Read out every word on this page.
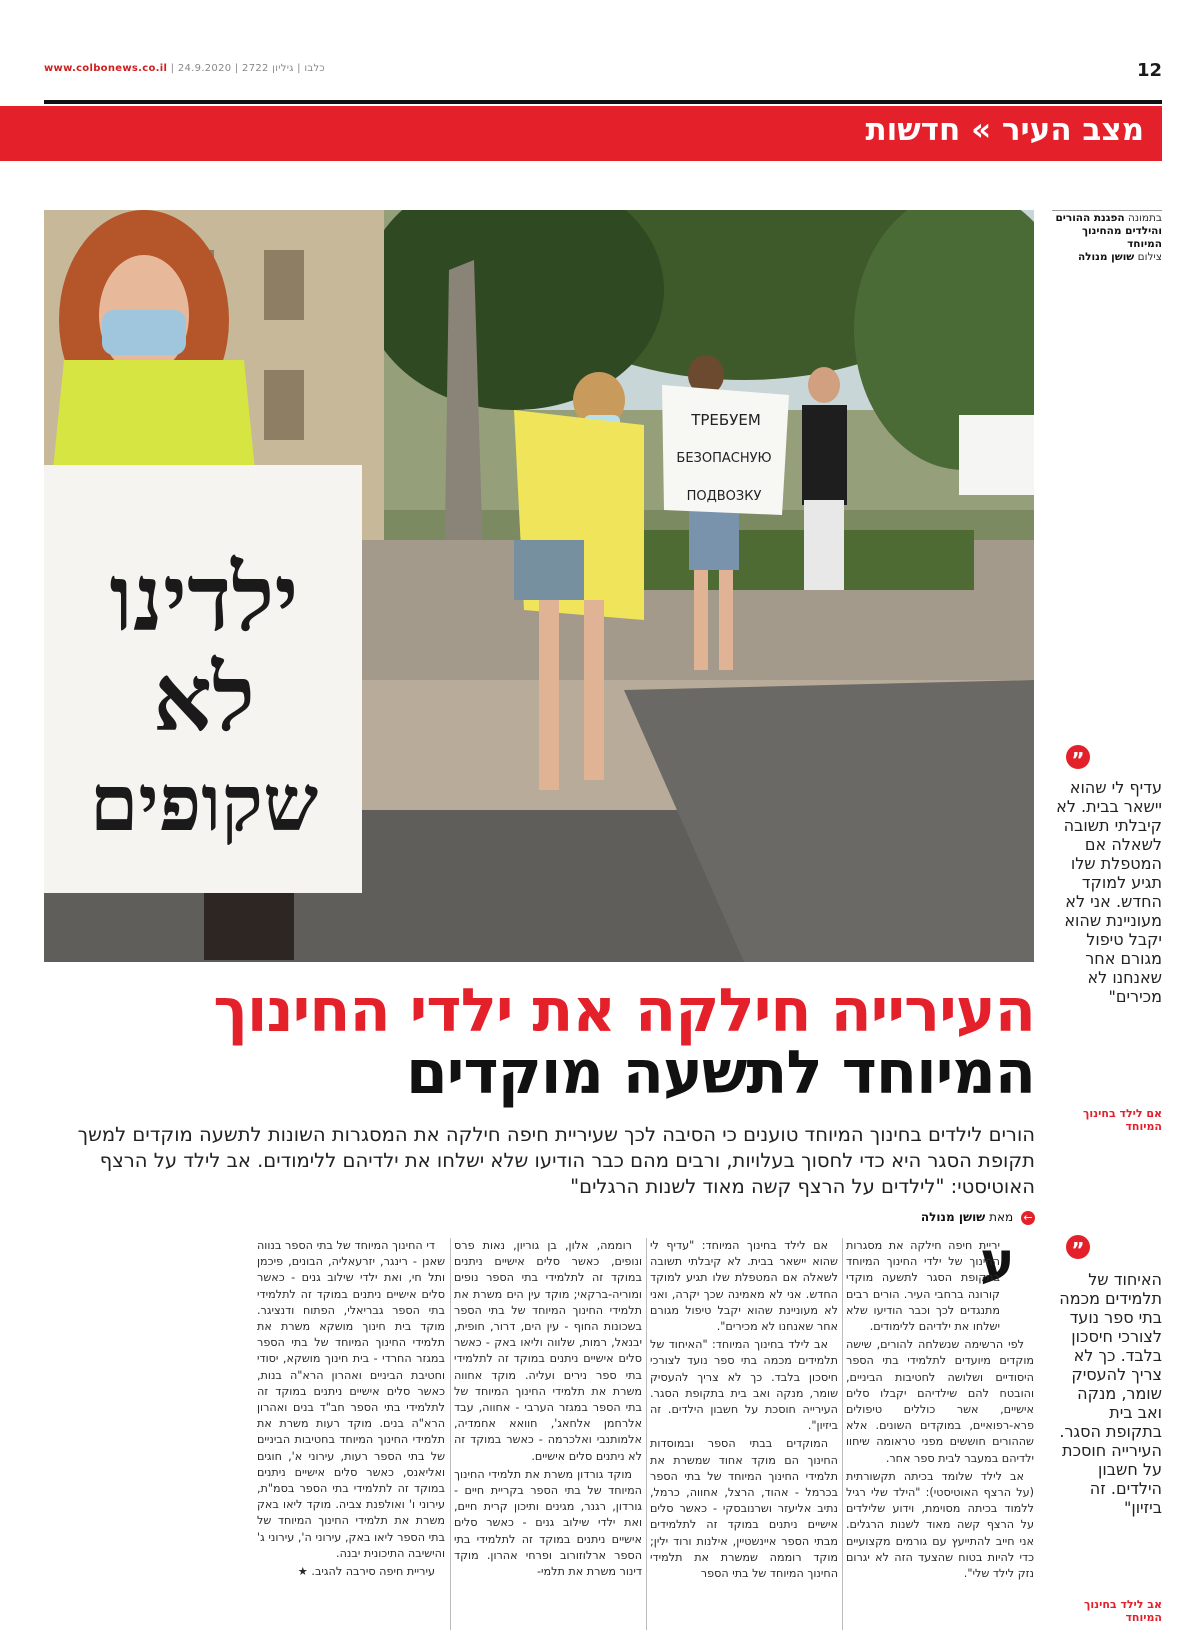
12
www.colbonews.co.il | כלבו | גיליון 2722 | 24.9.2020
מצב העיר » חדשות
ילדינו
לא
שקופים
ТРЕБУЕМ
БЕЗОПАСНУЮ
ПОДВОЗКУ
בתמונה הפגנת ההורים והילדים מהחינוך המיוחד
צילום שושן מנולה
”
עדיף לי שהוא יישאר בבית. לא קיבלתי תשובה לשאלה אם המטפלת שלו תגיע למוקד החדש. אני לא מעוניינת שהוא יקבל טיפול מגורם אחר שאנחנו לא מכירים"
אם לילד בחינוך המיוחד
”
האיחוד של תלמידים מכמה בתי ספר נועד לצורכי חיסכון בלבד. כך לא צריך להעסיק שומר, מנקה ואב בית בתקופת הסגר. העירייה חוסכת על חשבון הילדים. זה ביזיון"
אב לילד בחינוך המיוחד
העירייה חילקה את ילדי החינוך
המיוחד לתשעה מוקדים
הורים לילדים בחינוך המיוחד טוענים כי הסיבה לכך שעיריית חיפה חילקה את המסגרות השונות לתשעה מוקדים למשך תקופת הסגר היא כדי לחסוך בעלויות, ורבים מהם כבר הודיעו שלא ישלחו את ילדיהם ללימודים. אב לילד על הרצף האוטיסטי: "לילדים על הרצף קשה מאוד לשנות הרגלים"
← מאת שושן מנולה
ע

יריית חיפה חילקה את מסגרות החינוך של ילדי החינוך המיוחד בתקופת הסגר לתשעה מוקדי קורונה ברחבי העיר. הורים רבים מתנגדים לכך וכבר הודיעו שלא ישלחו את ילדיהם ללימודים.

לפי הרשימה שנשלחה להורים, שישה מוקדים מיועדים לתלמידי בתי הספר היסודיים ושלושה לחטיבות הביניים, והובטח להם שילדיהם יקבלו סלים אישיים, אשר כוללים טיפולים פרא-רפואיים, במוקדים השונים. אלא שההורים חוששים מפני טראומה שיחוו ילדיהם במעבר לבית ספר אחר.

אב לילד שלומד בכיתה תקשורתית (על הרצף האוטיסטי): "הילד שלי רגיל ללמוד בכיתה מסוימת, וידוע שלילדים על הרצף קשה מאוד לשנות הרגלים. אני חייב להתייעץ עם גורמים מקצועיים כדי להיות בטוח שהצעד הזה לא יגרום נזק לילד שלי".

אם לילד בחינוך המיוחד: "עדיף לי שהוא יישאר בבית. לא קיבלתי תשובה לשאלה אם המטפלת שלו תגיע למוקד החדש. אני לא מאמינה שכך יקרה, ואני לא מעוניינת שהוא יקבל טיפול מגורם אחר שאנחנו לא מכירים".

אב לילד בחינוך המיוחד: "האיחוד של תלמידים מכמה בתי ספר נועד לצורכי חיסכון בלבד. כך לא צריך להעסיק שומר, מנקה ואב בית בתקופת הסגר. העירייה חוסכת על חשבון הילדים. זה ביזיון".

המוקדים בבתי הספר ובמוסדות החינוך הם מוקד אחוד שמשרת את תלמידי החינוך המיוחד של בתי הספר בכרמל - אהוד, הרצל, אחווה, כרמל, נתיב אליעזר ושרנובסקי - כאשר סלים אישיים ניתנים במוקד זה לתלמידים מבתי הספר איינשטיין, אילנות ורוד ילין; מוקד רוממה שמשרת את תלמידי החינוך המיוחד של בתי הספר

רוממה, אלון, בן גוריון, נאות פרס ונופים, כאשר סלים אישיים ניתנים במוקד זה לתלמידי בתי הספר נופים ומוריה-ברקאי; מוקד עין הים משרת את תלמידי החינוך המיוחד של בתי הספר בשכונות החוף - עין הים, דרור, חופית, יבנאל, רמות, שלווה וליאו באק - כאשר סלים אישיים ניתנים במוקד זה לתלמידי בתי ספר נירים ועליה. מוקד אחווה משרת את תלמידי החינוך המיוחד של בתי הספר במגזר הערבי - אחווה, עבד אלרחמן אלחאג', חוואא אחמדיה, אלמותנבי ואלכרמה - כאשר במוקד זה לא ניתנים סלים אישיים.

מוקד גורדון משרת את תלמידי החינוך המיוחד של בתי הספר בקריית חיים - גורדון, רגנר, מגינים ותיכון קרית חיים, ואת ילדי שילוב גנים - כאשר סלים אישיים ניתנים במוקד זה לתלמידי בתי הספר ארלוזורוב ופרחי אהרון. מוקד דינור משרת את תלמי-

די החינוך המיוחד של בתי הספר בנווה שאנן - רינגר, יזרעאליה, הבונים, פיכמן ותל חי, ואת ילדי שילוב גנים - כאשר סלים אישיים ניתנים במוקד זה לתלמידי בתי הספר גבריאלי, הפתוח ודנציגר. מוקד בית חינוך מושקא משרת את תלמידי החינוך המיוחד של בתי הספר במגזר החרדי - בית חינוך מושקא, יסודי וחטיבת הביניים ואהרון הרא"ה בנות, כאשר סלים אישיים ניתנים במוקד זה לתלמידי בתי הספר חב"ד בנים ואהרון הרא"ה בנים. מוקד רעות משרת את תלמידי החינוך המיוחד בחטיבות הביניים של בתי הספר רעות, עירוני א', חוגים ואליאנס, כאשר סלים אישיים ניתנים במוקד זה לתלמידי בתי הספר בסמ"ת, עירוני ו' ואולפנת צביה. מוקד ליאו באק משרת את תלמידי החינוך המיוחד של בתי הספר ליאו באק, עירוני ה', עירוני ג' והישיבה התיכונית יבנה.

עיריית חיפה סירבה להגיב. ★
